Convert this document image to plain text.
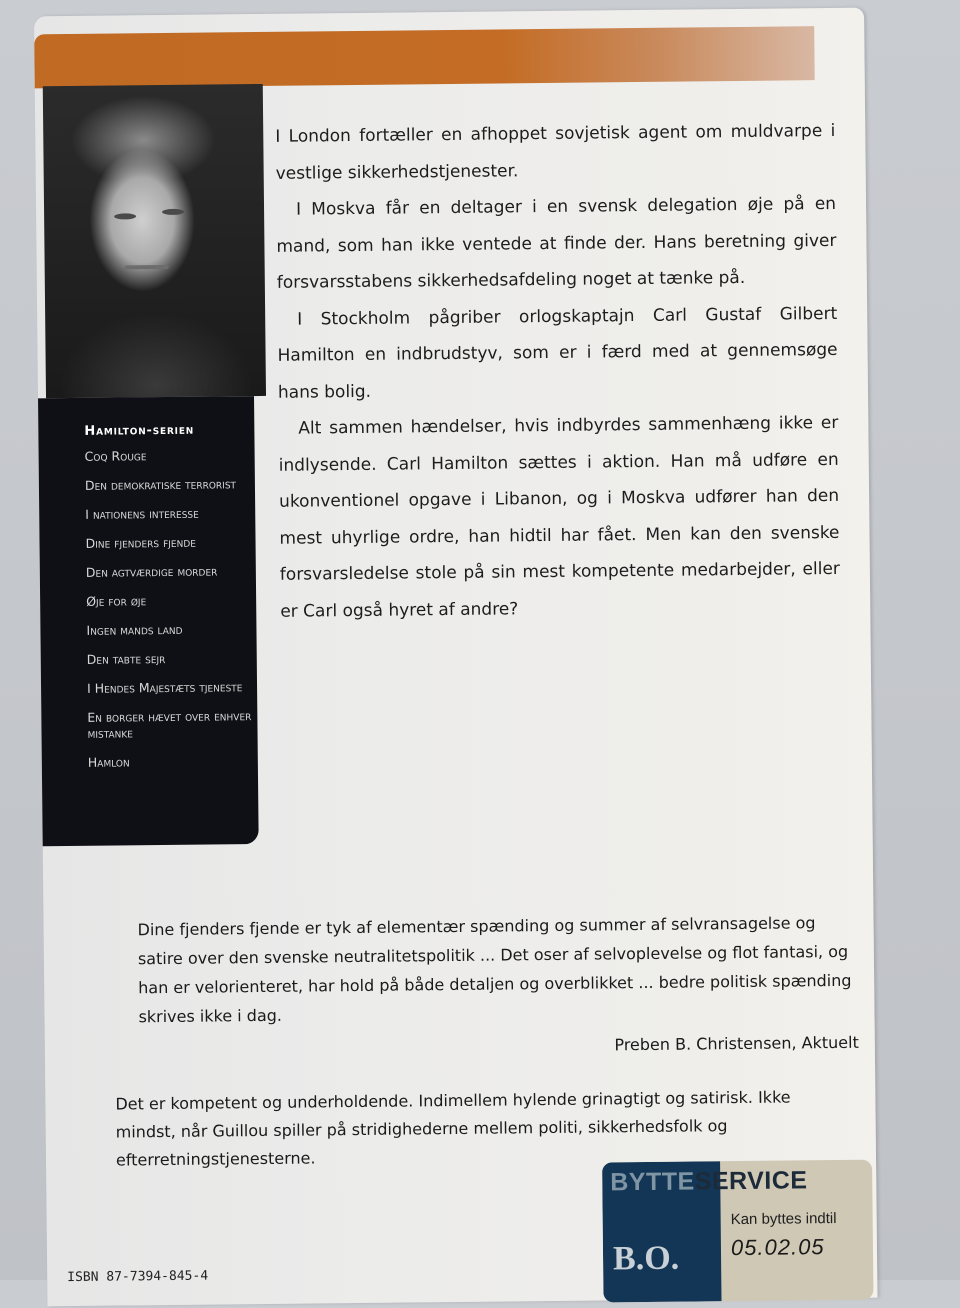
Hamilton-serien
Coq Rouge
Den demokratiske terrorist
I nationens interesse
Dine fjenders fjende
Den agtværdige morder
Øje for øje
Ingen mands land
Den tabte sejr
I Hendes Majestæts tjeneste
En borger hævet over enhver mistanke
Hamlon

I London fortæller en afhoppet sovjetisk agent om muldvarpe i vestlige sikkerhedstjenester.

I Moskva får en deltager i en svensk delegation øje på en mand, som han ikke ventede at finde der. Hans beretning giver forsvarsstabens sikkerhedsafdeling noget at tænke på.

I Stockholm pågriber orlogskaptajn Carl Gustaf Gilbert Hamilton en indbrudstyv, som er i færd med at gennemsøge hans bolig.

Alt sammen hændelser, hvis indbyrdes sammenhæng ikke er indlysende. Carl Hamilton sættes i aktion. Han må udføre en ukonventionel opgave i Libanon, og i Moskva udfører han den mest uhyrlige ordre, han hidtil har fået. Men kan den svenske forsvarsledelse stole på sin mest kompetente medarbejder, eller er Carl også hyret af andre?

Dine fjenders fjende er tyk af elementær spænding og summer af selvransagelse og satire over den svenske neutralitetspolitik ... Det oser af selvoplevelse og flot fantasi, og han er velorienteret, har hold på både detaljen og overblikket ... bedre politisk spænding skrives ikke i dag.
Preben B. Christensen, Aktuelt
Det er kompetent og underholdende. Indimellem hylende grinagtigt og satirisk. Ikke mindst, når Guillou spiller på stridighederne mellem politi, sikkerhedsfolk og efterretningstjenesterne.
ISBN 87-7394-845-4
BYTTESERVICE
B.O.
Kan byttes indtil
05.02.05
